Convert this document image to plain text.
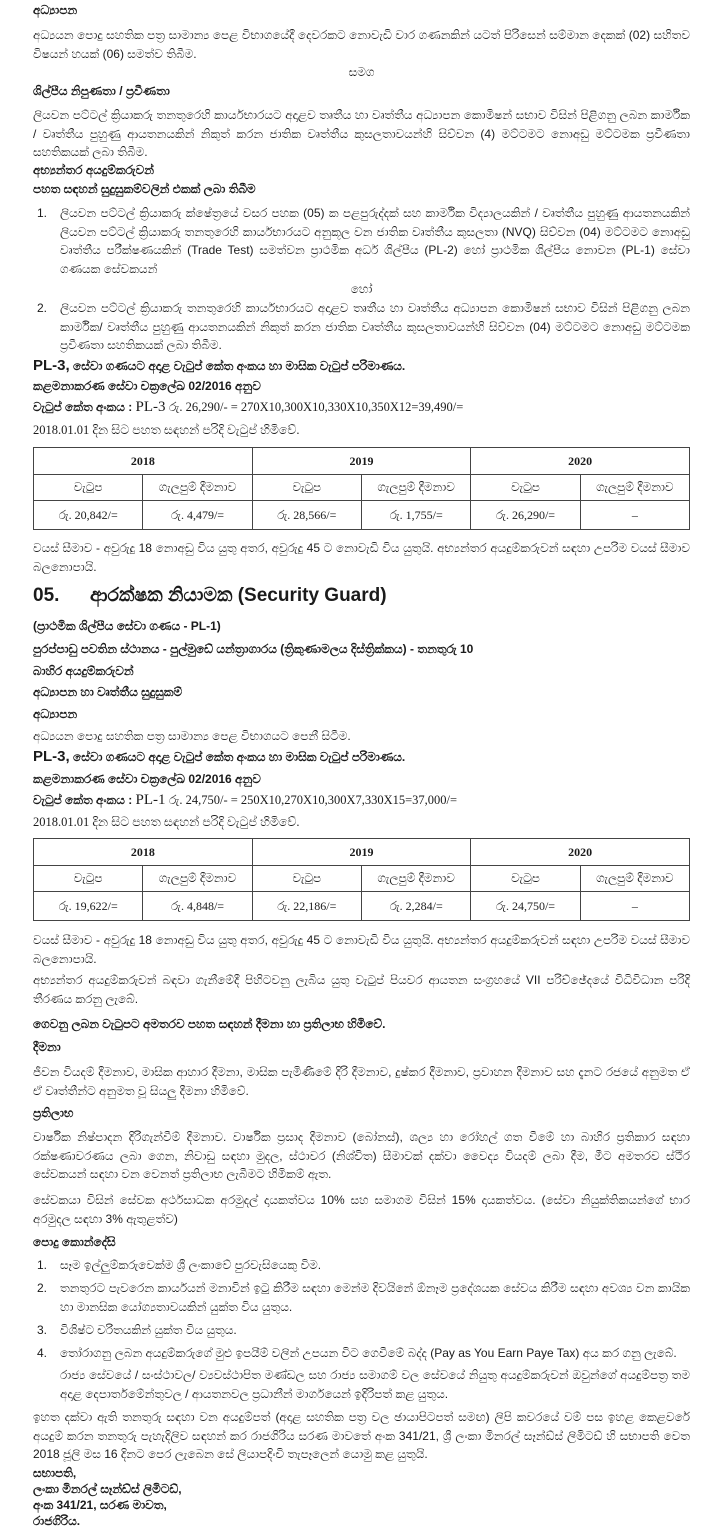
අධ්‍යාපන

අධ්‍යයන පොදු සහතික පත්‍ර සාමාන්‍ය පෙළ විභාගයේදී දෙවරකට නොවැඩි වාර ගණනකින් යටත් පිරිසෙන් සම්මාන දෙකක් (02) සහිතව විෂයන් හයක් (06) සමත්ව තිබීම.

සමග

ශිල්පීය නිපුණතා / ප්‍රවීණතා

ලියවන පට්ටල් ක්‍රියාකරු තනතුරෙහි කාර්යභාරයට අදාළව තෘතීය හා වෘත්තීය අධ්‍යාපන කොමිෂන් සභාව විසින් පිළිගනු ලබන කාර්මික / වෘත්තීය පුහුණු ආයතනයකින් නිකුත් කරන ජාතික වෘත්තීය කුසලතාවයන්හි සිව්වන (4) මට්ටමට නොඅඩු මට්ටමක ප්‍රවීණතා සහතිකයක් ලබා තිබීම.

අභ්‍යන්තර අයදුම්කරුවන්

පහත සඳහන් සුදුසුකම්වලින් එකක් ලබා තිබීම

1. ලියවන පට්ටල් ක්‍රියාකරු ක්ෂේත්‍රයේ වසර පහක (05) ක පළපුරුද්දක් සහ කාර්මික විද්‍යාලයකින් / වෘත්තීය පුහුණු ආයතනයකින් ලියවන පට්ටල් ක්‍රියාකරු තනතුරෙහි කාර්යභාරයට අනුකූල වන ජාතික වෘත්තීය කුසලතා (NVQ) සිව්වන (04) මට්ටමට නොඅඩු වෘත්තීය පරීක්ෂණයකින් (Trade Test) සමත්වන ප්‍රාථමික අර්ධ ශිල්පීය (PL-2) හෝ ප්‍රාථමික ශිල්පීය නොවන (PL-1) සේවා ගණයක සේවකයන්

හෝ

2. ලියවන පට්ටල් ක්‍රියාකරු තනතුරෙහි කාර්යභාරයට අදාළව තෘතීය හා වෘත්තීය අධ්‍යාපන කොමිෂන් සභාව විසින් පිළිගනු ලබන කාර්මික/ වෘත්තීය පුහුණු ආයතනයකින් නිකුත් කරන ජාතික වෘත්තීය කුසලතාවයන්හි සිව්වන (04) මට්ටමට නොඅඩු මට්ටමක ප්‍රවීණතා සහතිකයක් ලබා තිබීම.

PL-3, සේවා ගණයට අදාළ වැටුප් කේත අංකය හා මාසික වැටුප් පරිමාණය.

කළමනාකරණ සේවා චක්‍රලේඛ 02/2016 අනුව

වැටුප් කේත අංකය : PL-3 රු. 26,290/- = 270X10,300X10,330X10,350X12=39,490/=

2018.01.01 දින සිට පහත සඳහන් පරිදි වැටුප් හිමිවේ.

2018		2019		2020	
වැටුප	ගැලපුම් දීමනාව	වැටුප	ගැලපුම් දීමනාව	වැටුප	ගැලපුම් දීමනාව
රු. 20,842/=	රු. 4,479/=	රු. 28,566/=	රු. 1,755/=	රු. 26,290/=	–

වයස් සීමාව - අවුරුදු 18 නොඅඩු විය යුතු අතර, අවුරුදු 45 ට නොවැඩි විය යුතුයි. අභ්‍යන්තර අයදුම්කරුවන් සඳහා උපරිම වයස් සීමාව බලනොපායි.

05. ආරක්ෂක නියාමක (Security Guard)

(ප්‍රාථමික ශිල්පීය සේවා ගණය - PL-1)

පුරප්පාඩු පවතින ස්ථානය - පුල්මුඩේ යන්ත්‍රාගාරය (ත්‍රිකුණාමලය දිස්ත්‍රික්කය) - තනතුරු 10

බාහිර අයදුම්කරුවන්

අධ්‍යාපන හා වෘත්තීය සුදුසුකම්

අධ්‍යාපන

අධ්‍යයන පොදු සහතික පත්‍ර සාමාන්‍ය පෙළ විභාගයට පෙනී සිටීම.

PL-3, සේවා ගණයට අදාළ වැටුප් කේත අංකය හා මාසික වැටුප් පරිමාණය.

කළමනාකරණ සේවා චක්‍රලේඛ 02/2016 අනුව

වැටුප් කේත අංකය : PL-1 රු. 24,750/- = 250X10,270X10,300X7,330X15=37,000/=

2018.01.01 දින සිට පහත සඳහන් පරිදි වැටුප් හිමිවේ.

2018		2019		2020	
වැටුප	ගැලපුම් දීමනාව	වැටුප	ගැලපුම් දීමනාව	වැටුප	ගැලපුම් දීමනාව
රු. 19,622/=	රු. 4,848/=	රු. 22,186/=	රු. 2,284/=	රු. 24,750/=	–

වයස් සීමාව - අවුරුදු 18 නොඅඩු විය යුතු අතර, අවුරුදු 45 ට නොවැඩි විය යුතුයි. අභ්‍යන්තර අයදුම්කරුවන් සඳහා උපරිම වයස් සීමාව බලනොපායි.

අභ්‍යන්තර අයදුම්කරුවන් බඳවා ගැනීමේදී පිහිටවනු ලැබිය යුතු වැටුප් පියවර ආයතන සංග්‍රහයේ VII පරිච්ඡේදයේ විධිවිධාන පරිදි තීරණය කරනු ලැබේ.

ගෙවනු ලබන වැටුපට අමතරව පහත සඳහන් දීමනා හා ප්‍රතිලාභ හිමිවේ.

දීමනා

ජීවන වියදම් දීමනාව, මාසික ආහාර දීමනා, මාසික පැමිණීමේ දිරි දීමනාව, දුෂ්කර දීමනාව, ප්‍රවාහන දීමනාව සහ දැනට රජයේ අනුමත ඒ ඒ වෘත්තීන්ට අනුමත වූ සියලු දීමනා හිමිවේ.

ප්‍රතිලාභ

වාර්ෂික නිෂ්පාදන දිරිගැන්වීම් දීමනාව. වාර්ෂික ප්‍රසාද දීමනාව (බෝනස්), ශල්‍ය හා රෝහල් ගත වීමේ හා බාහිර ප්‍රතිකාර සඳහා රක්ෂණාවරණය ලබා ගෙන, නිවාඩු සඳහා මුදල, ස්ථාවර (නිශ්චිත) සීමාවක් දක්වා වෛද්‍ය වියදම් ලබා දීම, මීට අමතරව ස්ථිර සේවකයන් සඳහා වන වෙනත් ප්‍රතිලාභ ලැබීමට හිමිකම් ඇත.

සේවකයා විසින් සේවක අර්ථසාධක අරමුදල් දායකත්වය 10% සහ සමාගම විසින් 15% දායකත්වය. (සේවා නියුක්තිකයන්ගේ භාර අරමුදල සඳහා 3% ඇතුළත්ව)

පොදු කොන්දේසි

1. සෑම ඉල්ලුම්කරුවෙක්ම ශ්‍රී ලංකාවේ පුරවැසියෙකු විම.
2. තනතුරට පැවරෙන කාර්යයන් මනාවින් ඉටු කිරීම සඳහා මෙන්ම දිවයිනේ ඕනෑම ප්‍රදේශයක සේවය කිරීම සඳහා අවශ්‍ය වන කායික හා මානසික යෝග්‍යතාවයකින් යුක්ත විය යුතුය.
3. විශිෂ්ට චරිතයකින් යුක්ත විය යුතුය.
4. තෝරාගනු ලබන අයදුම්කරුගේ මුළු ඉපයීම් වලින් උපයන විට ගෙවීමේ බද්ද (Pay as You Earn Paye Tax) අය කර ගනු ලැබේ.

රාජ්‍ය සේවයේ / සංස්ථාවල/ ව්‍යවස්ථාපිත මණ්ඩල සහ රාජ්‍ය සමාගම් වල සේවයේ නියුතු අයදුම්කරුවන් ඔවුන්ගේ අයදුම්පත්‍ර තම අදාළ දෙපාර්තමේන්තුවල / ආයතනවල ප්‍රධානීන් මාර්ගයෙන් ඉදිරිපත් කළ යුතුය.

ඉහත දක්වා ඇති තනතුරු සඳහා වන අයදුම්පත් (අදාළ සහතික පත්‍ර වල ඡායාපිටපත් සමඟ) ලිපි කවරයේ වම් පස ඉහළ කෙළවරේ අයදුම් කරන තනතුරු පැහැදිලිව සඳහන් කර රාජගිරිය සරණ මාවතේ අංක 341/21, ශ්‍රී ලංකා මිනරල් සෑන්ඩ්ස් ලිමිටඩ් හි සභාපති වෙත 2018 ජූලි මස 16 දිනට පෙර ලැබෙන සේ ලියාපදිංචි තැපෑලෙන් යොමු කළ යුතුයි.

සභාපති,

ලංකා මිනරල් සෑන්ඩ්ස් ලිමිටඩ්,

අංක 341/21, සරණ මාවත,

රාජගිරිය.
